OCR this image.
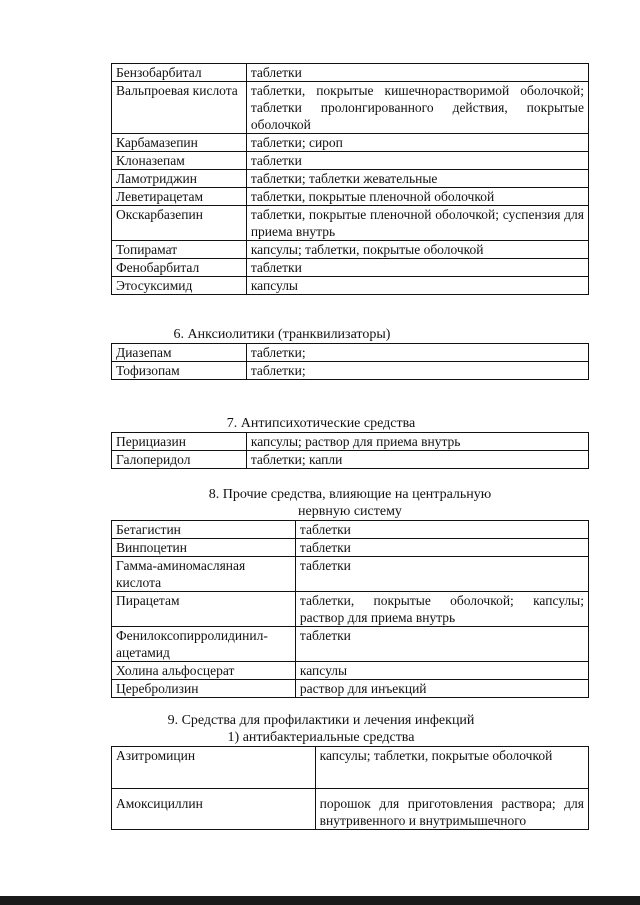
Бензобарбитал	таблетки
Вальпроевая кислота	таблетки, покрытые кишечнорастворимой оболочкой; таблетки пролонгированного действия, покрытые оболочкой
Карбамазепин	таблетки; сироп
Клоназепам	таблетки
Ламотриджин	таблетки; таблетки жевательные
Леветирацетам	таблетки, покрытые пленочной оболочкой
Окскарбазепин	таблетки, покрытые пленочной оболочкой; суспензия для приема внутрь
Топирамат	капсулы; таблетки, покрытые оболочкой
Фенобарбитал	таблетки
Этосуксимид	капсулы
6. Анксиолитики (транквилизаторы)
Диазепам	таблетки;
Тофизопам	таблетки;
7. Антипсихотические средства
Перициазин	капсулы; раствор для приема внутрь
Галоперидол	таблетки; капли
8. Прочие средства, влияющие на центральную
нервную систему
Бетагистин	таблетки
Винпоцетин	таблетки
Гамма-аминомасляная кислота	таблетки
Пирацетам	таблетки, покрытые оболочкой; капсулы; раствор для приема внутрь
Фенилоксопирролидинил-ацетамид	таблетки
Холина альфосцерат	капсулы
Церебролизин	раствор для инъекций
9. Средства для профилактики и лечения инфекций
1) антибактериальные средства
Азитромицин	капсулы; таблетки, покрытые оболочкой
Амоксициллин	порошок для приготовления раствора; для внутривенного и внутримышечного
